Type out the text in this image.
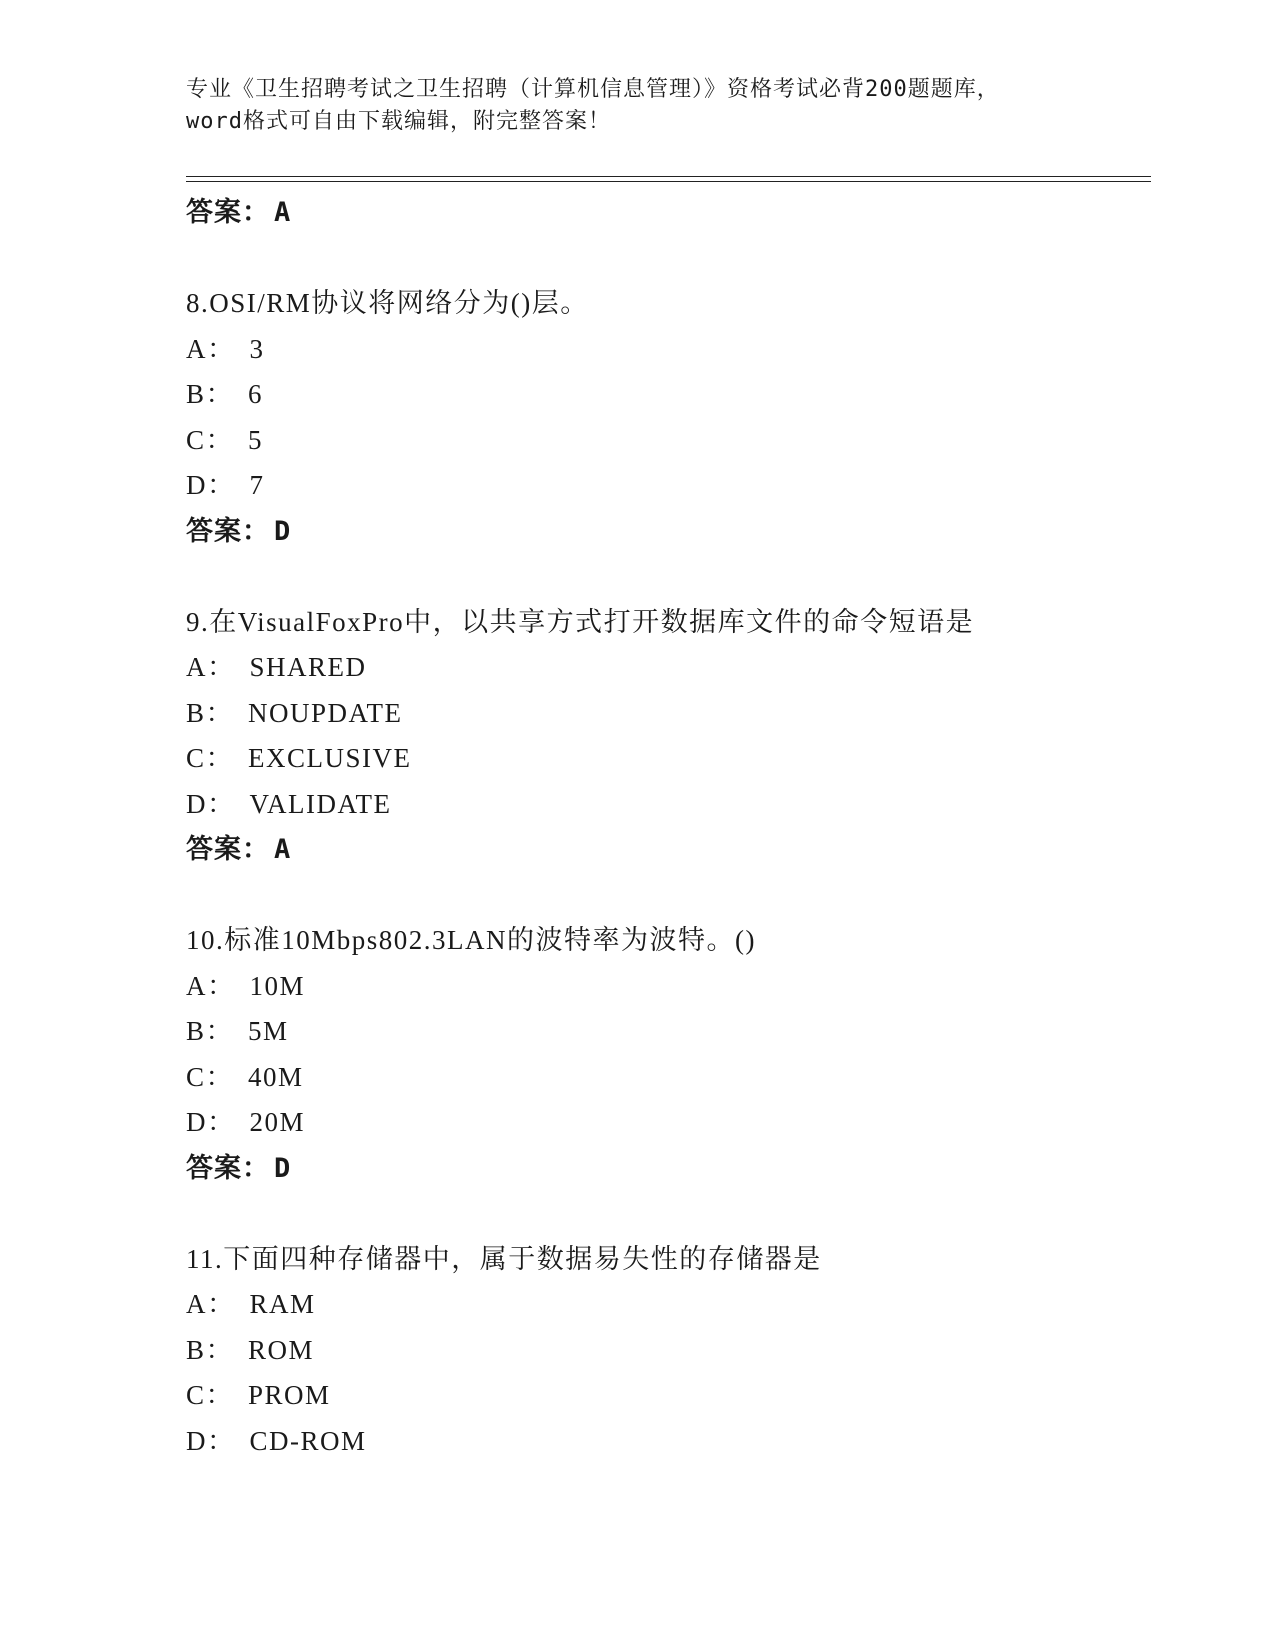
专业《卫生招聘考试之卫生招聘（计算机信息管理）》资格考试必背200题题库，
word格式可自由下载编辑，附完整答案！
答案： A
8.OSI/RM协议将网络分为()层。
A： 3
B： 6
C： 5
D： 7
答案： D
9.在VisualFoxPro中，以共享方式打开数据库文件的命令短语是
A： SHARED
B： NOUPDATE
C： EXCLUSIVE
D： VALIDATE
答案： A
10.标准10Mbps802.3LAN的波特率为波特。()
A： 10M
B： 5M
C： 40M
D： 20M
答案： D
11.下面四种存储器中，属于数据易失性的存储器是
A： RAM
B： ROM
C： PROM
D： CD-ROM
